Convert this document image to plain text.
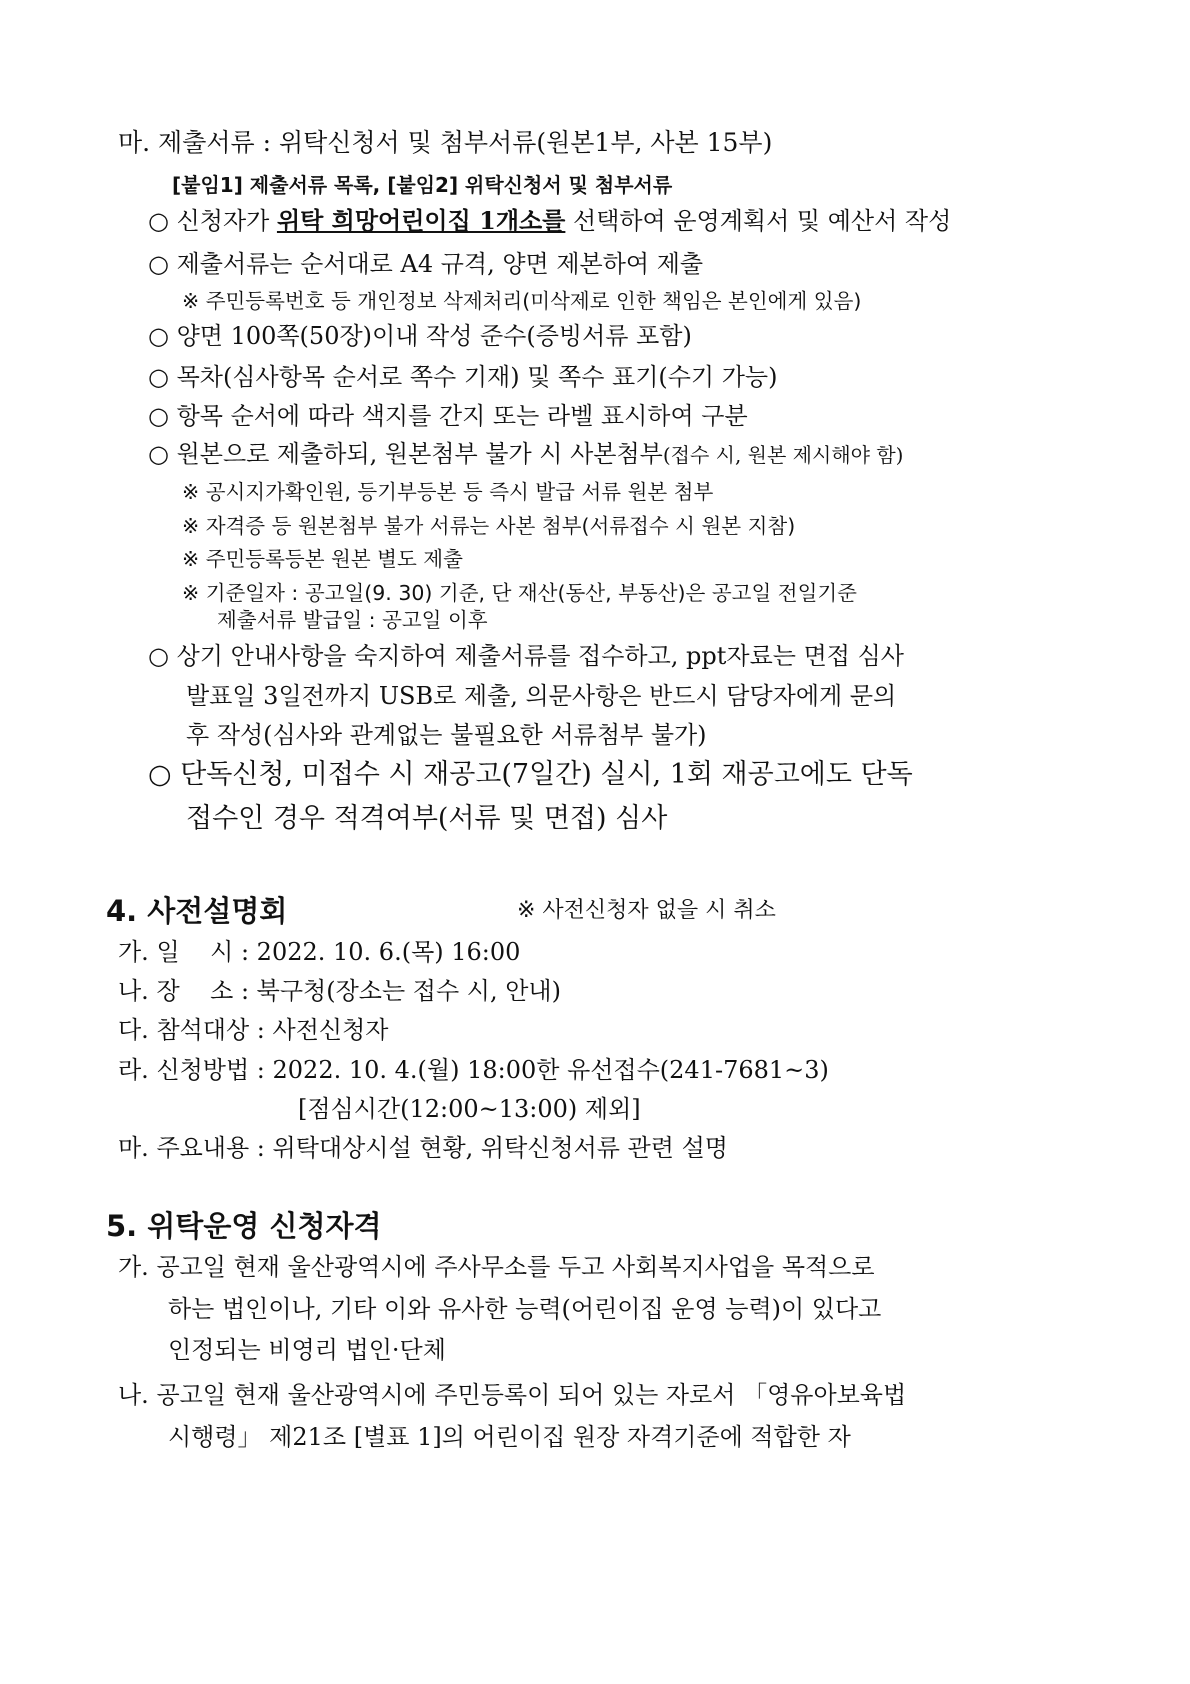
마. 제출서류 : 위탁신청서 및 첨부서류(원본1부, 사본 15부)
[붙임1] 제출서류 목록, [붙임2] 위탁신청서 및 첨부서류
○ 신청자가 위탁 희망어린이집 1개소를 선택하여 운영계획서 및 예산서 작성
○ 제출서류는 순서대로 A4 규격, 양면 제본하여 제출
※ 주민등록번호 등 개인정보 삭제처리(미삭제로 인한 책임은 본인에게 있음)
○ 양면 100쪽(50장)이내 작성 준수(증빙서류 포함)
○ 목차(심사항목 순서로 쪽수 기재) 및 쪽수 표기(수기 가능)
○ 항목 순서에 따라 색지를 간지 또는 라벨 표시하여 구분
○ 원본으로 제출하되, 원본첨부 불가 시 사본첨부(접수 시, 원본 제시해야 함)
※ 공시지가확인원, 등기부등본 등 즉시 발급 서류 원본 첨부
※ 자격증 등 원본첨부 불가 서류는 사본 첨부(서류접수 시 원본 지참)
※ 주민등록등본 원본 별도 제출
※ 기준일자 : 공고일(9. 30) 기준, 단 재산(동산, 부동산)은 공고일 전일기준
제출서류 발급일 : 공고일 이후
○ 상기 안내사항을 숙지하여 제출서류를 접수하고, ppt자료는 면접 심사
발표일 3일전까지 USB로 제출, 의문사항은 반드시 담당자에게 문의
후 작성(심사와 관계없는 불필요한 서류첨부 불가)
○ 단독신청, 미접수 시 재공고(7일간) 실시, 1회 재공고에도 단독
접수인 경우 적격여부(서류 및 면접) 심사
4. 사전설명회	※ 사전신청자 없을 시 취소
가. 일    시 : 2022. 10. 6.(목) 16:00
나. 장    소 : 북구청(장소는 접수 시, 안내)
다. 참석대상 : 사전신청자
라. 신청방법 : 2022. 10. 4.(월) 18:00한 유선접수(241-7681~3)
[점심시간(12:00~13:00) 제외]
마. 주요내용 : 위탁대상시설 현황, 위탁신청서류 관련 설명
5. 위탁운영 신청자격
가. 공고일 현재 울산광역시에 주사무소를 두고 사회복지사업을 목적으로
하는 법인이나, 기타 이와 유사한 능력(어린이집 운영 능력)이 있다고
인정되는 비영리 법인·단체
나. 공고일 현재 울산광역시에 주민등록이 되어 있는 자로서 「영유아보육법
시행령」 제21조 [별표 1]의 어린이집 원장 자격기준에 적합한 자
